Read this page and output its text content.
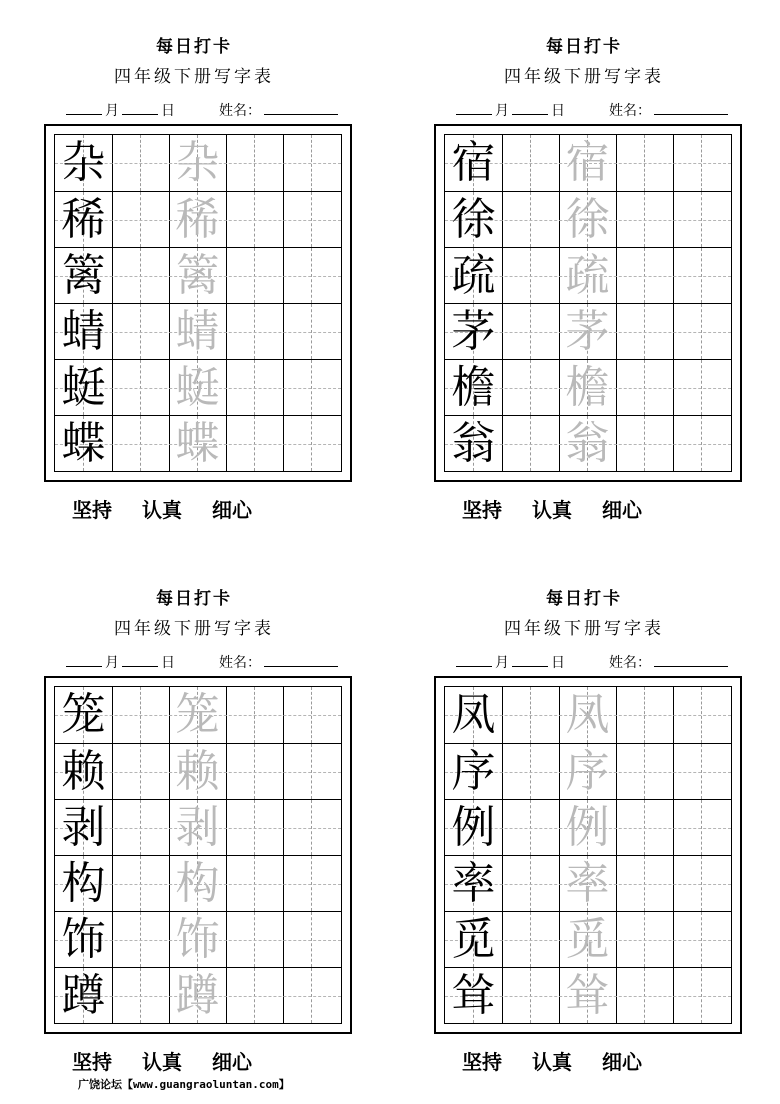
每日打卡
四年级下册写字表
月	日	姓名：
杂 杂
稀 稀
篱 篱
蜻 蜻
蜓 蜓
蝶 蝶
坚持 认真 细心
每日打卡
四年级下册写字表
月	日	姓名：
宿 宿
徐 徐
疏 疏
茅 茅
檐 檐
翁 翁
坚持 认真 细心
每日打卡
四年级下册写字表
月	日	姓名：
笼 笼
赖 赖
剥 剥
构 构
饰 饰
蹲 蹲
坚持 认真 细心
每日打卡
四年级下册写字表
月	日	姓名：
凤 凤
序 序
例 例
率 率
觅 觅
耸 耸
坚持 认真 细心
广饶论坛【www.guangraoluntan.com】
